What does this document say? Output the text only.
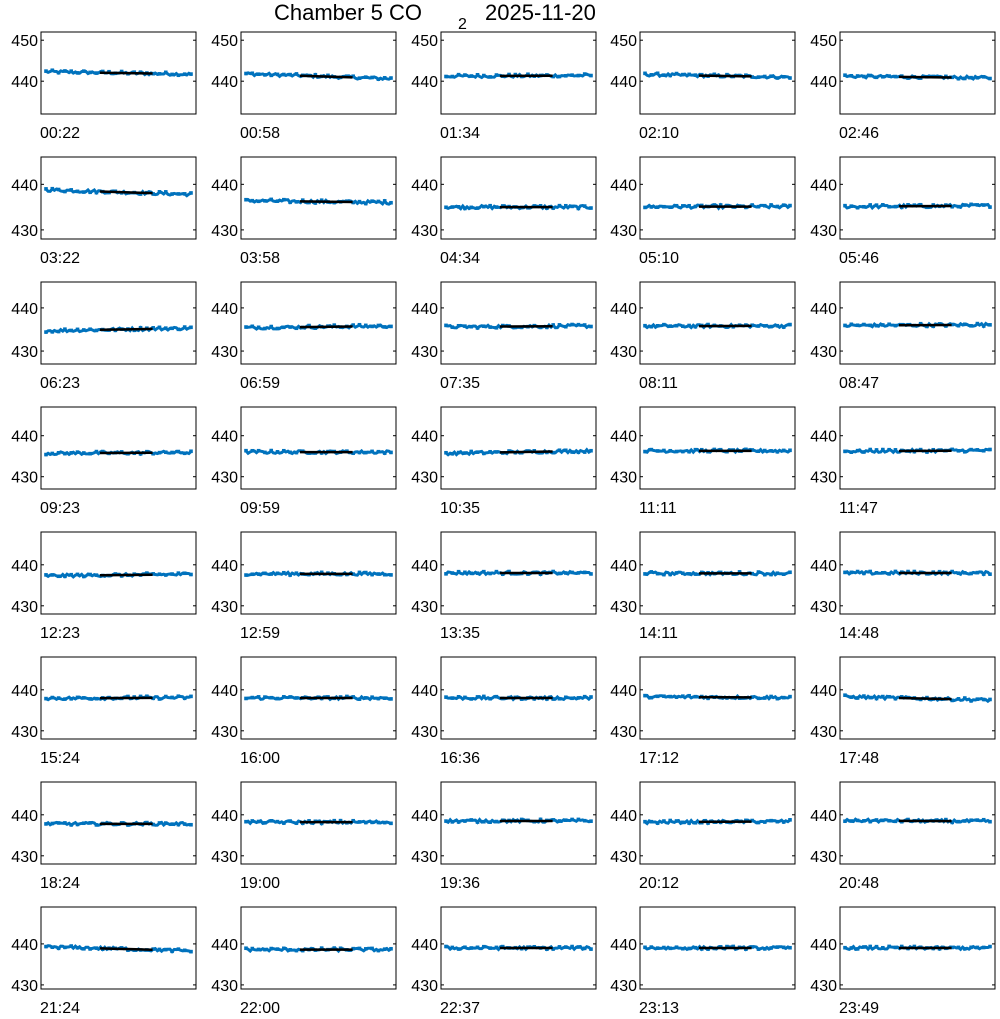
Chamber 5 CO 2 2025-11-20
440
450
00:22
440
450
00:58
440
450
01:34
440
450
02:10
440
450
02:46
430
440
03:22
430
440
03:58
430
440
04:34
430
440
05:10
430
440
05:46
430
440
06:23
430
440
06:59
430
440
07:35
430
440
08:11
430
440
08:47
430
440
09:23
430
440
09:59
430
440
10:35
430
440
11:11
430
440
11:47
430
440
12:23
430
440
12:59
430
440
13:35
430
440
14:11
430
440
14:48
430
440
15:24
430
440
16:00
430
440
16:36
430
440
17:12
430
440
17:48
430
440
18:24
430
440
19:00
430
440
19:36
430
440
20:12
430
440
20:48
430
440
21:24
430
440
22:00
430
440
22:37
430
440
23:13
430
440
23:49
